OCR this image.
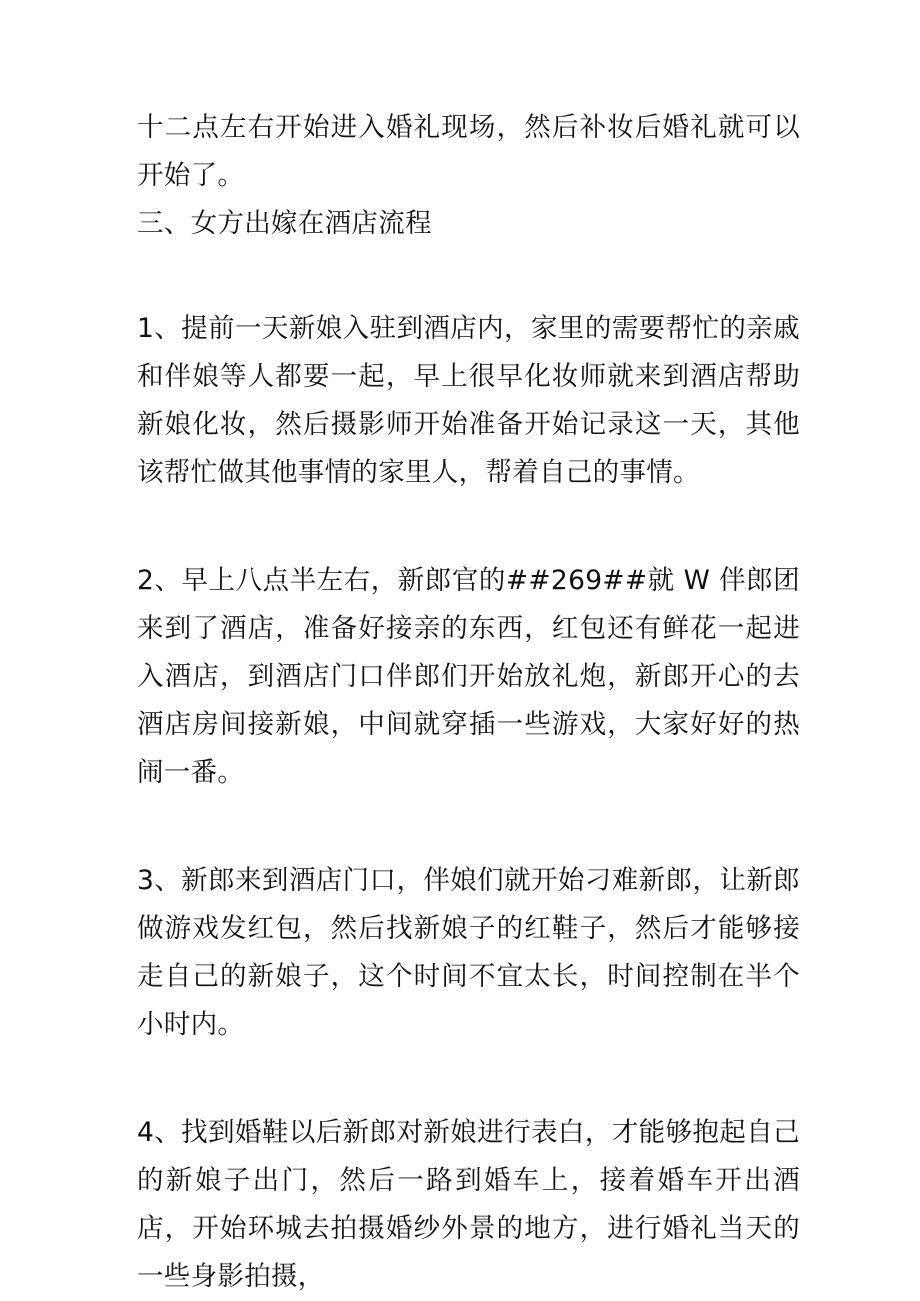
十二点左右开始进入婚礼现场，然后补妆后婚礼就可以开始了。

三、女方出嫁在酒店流程

1、提前一天新娘入驻到酒店内，家里的需要帮忙的亲戚和伴娘等人都要一起，早上很早化妆师就来到酒店帮助新娘化妆，然后摄影师开始准备开始记录这一天，其他该帮忙做其他事情的家里人，帮着自己的事情。

2、早上八点半左右，新郎官的##269##就 W 伴郎团来到了酒店，准备好接亲的东西，红包还有鲜花一起进入酒店，到酒店门口伴郎们开始放礼炮，新郎开心的去酒店房间接新娘，中间就穿插一些游戏，大家好好的热闹一番。

3、新郎来到酒店门口，伴娘们就开始刁难新郎，让新郎做游戏发红包，然后找新娘子的红鞋子，然后才能够接走自己的新娘子，这个时间不宜太长，时间控制在半个小时内。

4、找到婚鞋以后新郎对新娘进行表白，才能够抱起自己的新娘子出门，然后一路到婚车上，接着婚车开出酒店，开始环城去拍摄婚纱外景的地方，进行婚礼当天的一些身影拍摄，
